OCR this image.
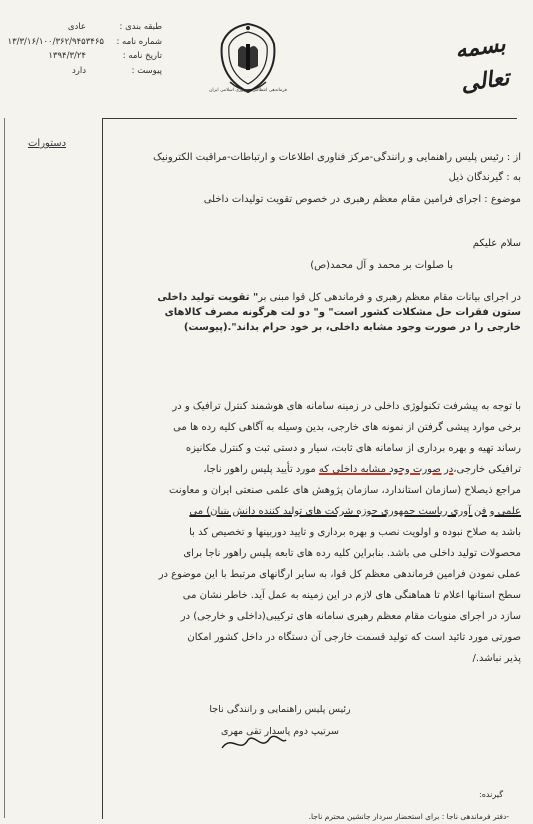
بسمه تعالی
فرماندهی انتظامی جمهوری اسلامی ایران
طبقه بندی :
عادی
شماره نامه :
۱۳/۳/۱۶/۱۰۰/۳۶۲/۹۴۵۳۴۶۵
تاریخ نامه :
۱۳۹۴/۳/۲۴
پیوست :
دارد
دستورات
از : رئیس پلیس راهنمایی و رانندگی-مرکز فناوری اطلاعات و ارتباطات-مراقبت الکترونیک
به : گیرندگان ذیل
موضوع : اجرای فرامین مقام معظم رهبری در خصوص تقویت تولیدات داخلی
سلام علیکم
با صلوات بر محمد و آل محمد(ص)
در اجرای بیانات مقام معظم رهبری و فرماندهی کل قوا مبنی بر" تقویت تولید داخلی
ستون فقرات حل مشکلات کشور است" و" دو لت هرگونه مصرف کالاهای
خارجی را در صورت وجود مشابه داخلی، بر خود حرام بداند".(پیوست)
با توجه به پیشرفت تکنولوژی داخلی در زمینه سامانه های هوشمند کنترل ترافیک و در
برخی موارد پیشی گرفتن از نمونه های خارجی، بدین وسیله به آگاهی کلیه رده ها می
رساند تهیه و بهره برداری از سامانه های ثابت، سیار و دستی ثبت و کنترل مکانیزه
ترافیکی خارجی،در صورت وجود مشابه داخلی که مورد تأیید پلیس راهور ناجا،
مراجع ذیصلاح (سازمان استاندارد، سازمان پژوهش های علمی صنعتی ایران و معاونت
علمی و فن آوری ریاست جمهوری حوزه شرکت های تولید کننده دانش بنیان) می
باشد به صلاح نبوده و اولویت نصب و بهره برداری و تایید دوربینها و تخصیص کد با
محصولات تولید داخلی می باشد. بنابراین کلیه رده های تابعه پلیس راهور ناجا برای
عملی نمودن فرامین فرماندهی معظم کل قوا، به سایر ارگانهای مرتبط با این موضوع در
سطح استانها اعلام تا هماهنگی های لازم در این زمینه به عمل آید. خاطر نشان می
سازد در اجرای منویات مقام معظم رهبری سامانه های ترکیبی(داخلی و خارجی) در
صورتی مورد تائید است که تولید قسمت خارجی آن دستگاه در داخل کشور امکان
پذیر نباشد./
رئیس پلیس راهنمایی و رانندگی ناجا
سرتیپ دوم پاسدار تقی مهری
گیرنده:
-دفتر فرماندهی ناجا : برای استحضار سردار جانشین محترم ناجا.
